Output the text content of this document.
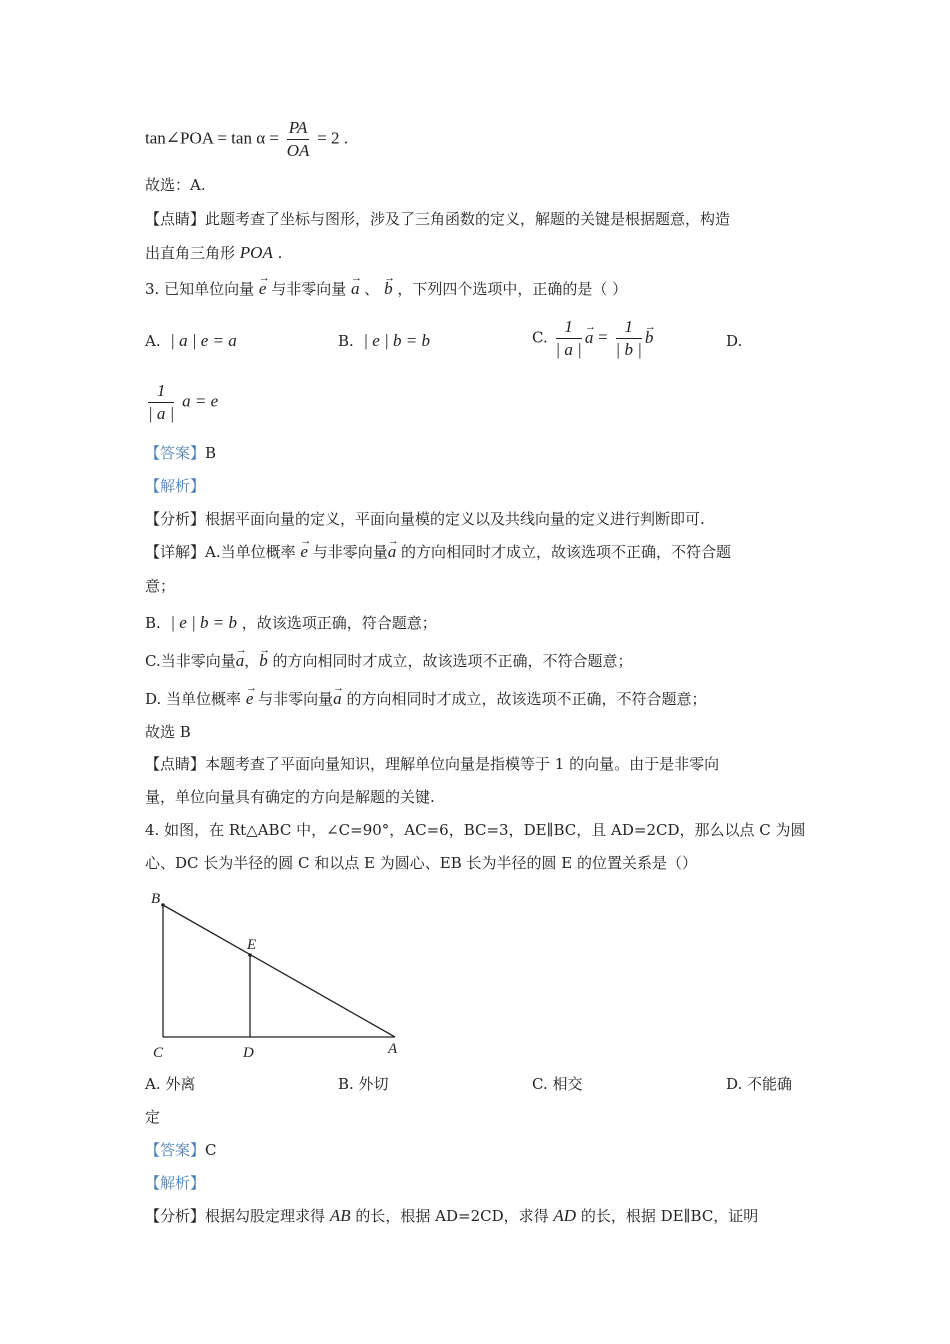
tan∠POA = $\tan \alpha = \frac{PA}{OA} = 2$ .
故选：A.
【点睛】此题考查了坐标与图形，涉及了三角函数的定义，解题的关键是根据题意，构造
出直角三角形 POA .
3. 已知单位向量 → e 与非零向量 → a 、 → b ，下列四个选项中，正确的是（ ）
A. | a | e = a	B. | e | b = b	C. $\frac{1}{| a |}$
→ $a = \frac{1}{| b |}$
→ b	D.
$\frac{1}{| a |}$ a = e
【答案】B
【解析】
【分析】根据平面向量的定义，平面向量模的定义以及共线向量的定义进行判断即可.
【详解】A.当单位概率 → e 与非零向量→ a 的方向相同时才成立，故该选项不正确，不符合题
意；
B. | e | b = b ，故该选项正确，符合题意；
C.当非零向量→ a，→ b 的方向相同时才成立，故该选项不正确，不符合题意；
D. 当单位概率 → e 与非零向量→ a 的方向相同时才成立，故该选项不正确，不符合题意；
故选 B
【点睛】本题考查了平面向量知识，理解单位向量是指模等于 1 的向量。由于是非零向
量，单位向量具有确定的方向是解题的关键.
4. 如图，在 Rt△ABC 中，∠C=90°，AC=6，BC=3，DE∥BC，且 AD=2CD，那么以点 C 为圆
心、DC 长为半径的圆 C 和以点 E 为圆心、EB 长为半径的圆 E 的位置关系是（）
B
E
C	D	A
A. 外离	B. 外切	C. 相交	D. 不能确
定
【答案】C
【解析】
【分析】根据勾股定理求得 AB 的长，根据 AD=2CD，求得 AD 的长，根据 DE∥BC，证明
